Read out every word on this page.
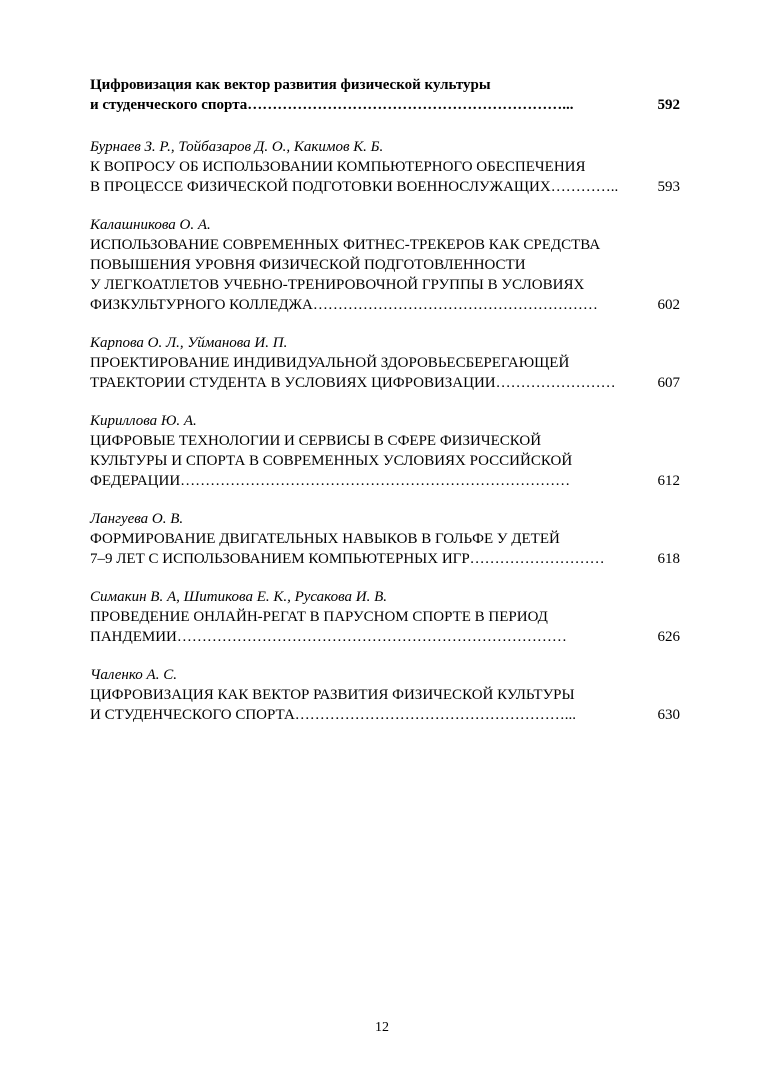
Цифровизация как вектор развития физической культуры
и студенческого спорта………………………………………………………...	592
Бурнаев З. Р., Тойбазаров Д. О., Какимов К. Б.
К ВОПРОСУ ОБ ИСПОЛЬЗОВАНИИ КОМПЬЮТЕРНОГО ОБЕСПЕЧЕНИЯ
В ПРОЦЕССЕ ФИЗИЧЕСКОЙ ПОДГОТОВКИ ВОЕННОСЛУЖАЩИХ…………..	593
Калашникова О. А.
ИСПОЛЬЗОВАНИЕ СОВРЕМЕННЫХ ФИТНЕС-ТРЕКЕРОВ КАК СРЕДСТВА
ПОВЫШЕНИЯ УРОВНЯ ФИЗИЧЕСКОЙ ПОДГОТОВЛЕННОСТИ
У ЛЕГКОАТЛЕТОВ УЧЕБНО-ТРЕНИРОВОЧНОЙ ГРУППЫ В УСЛОВИЯХ
ФИЗКУЛЬТУРНОГО КОЛЛЕДЖА…………………………………………………	602
Карпова О. Л., Уйманова И. П.
ПРОЕКТИРОВАНИЕ ИНДИВИДУАЛЬНОЙ ЗДОРОВЬЕСБЕРЕГАЮЩЕЙ
ТРАЕКТОРИИ СТУДЕНТА В УСЛОВИЯХ ЦИФРОВИЗАЦИИ……………………	607
Кириллова Ю. А.
ЦИФРОВЫЕ ТЕХНОЛОГИИ И СЕРВИСЫ В СФЕРЕ ФИЗИЧЕСКОЙ
КУЛЬТУРЫ И СПОРТА В СОВРЕМЕННЫХ УСЛОВИЯХ РОССИЙСКОЙ
ФЕДЕРАЦИИ……………………………………………………………………	612
Лангуева О. В.
ФОРМИРОВАНИЕ ДВИГАТЕЛЬНЫХ НАВЫКОВ В ГОЛЬФЕ У ДЕТЕЙ
7–9 ЛЕТ С ИСПОЛЬЗОВАНИЕМ КОМПЬЮТЕРНЫХ ИГР………………………	618
Симакин В. А, Шитикова Е. К., Русакова И. В.
ПРОВЕДЕНИЕ ОНЛАЙН-РЕГАТ В ПАРУСНОМ СПОРТЕ В ПЕРИОД
ПАНДЕМИИ……………………………………………………………………	626
Чаленко А. С.
ЦИФРОВИЗАЦИЯ КАК ВЕКТОР РАЗВИТИЯ ФИЗИЧЕСКОЙ КУЛЬТУРЫ
И СТУДЕНЧЕСКОГО СПОРТА………………………………………………...	630
12
